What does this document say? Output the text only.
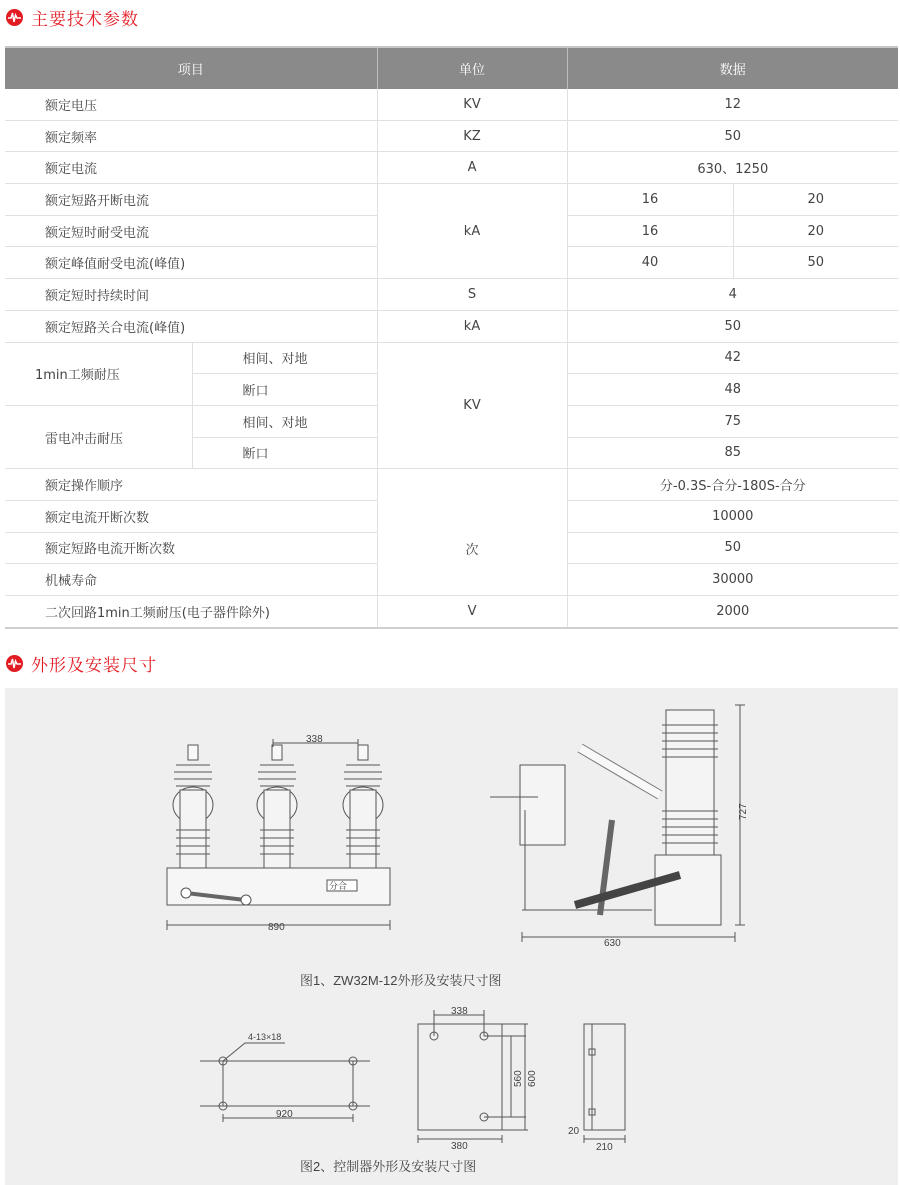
主要技术参数
项目		单位	数据	
额定电压		KV	12	
额定频率		KZ	50	
额定电流		A	630、1250	
额定短路开断电流		kA	16	20
额定短时耐受电流			16	20
额定峰值耐受电流(峰值)			40	50
额定短时持续时间		S	4	
额定短路关合电流(峰值)		kA	50	
1min工频耐压	相间、对地	KV	42	
	断口		48	
雷电冲击耐压	相间、对地		75	
	断口		85	
额定操作顺序		次	分-0.3S-合分-180S-合分	
额定电流开断次数			10000	
额定短路电流开断次数			50	
机械寿命			30000	
二次回路1min工频耐压(电子器件除外)		V	2000	
外形及安装尺寸
分合
890
338
727
630
图1、ZW32M-12外形及安装尺寸图
4-13×18
920
338
560 600
380
20
210
图2、控制器外形及安装尺寸图
